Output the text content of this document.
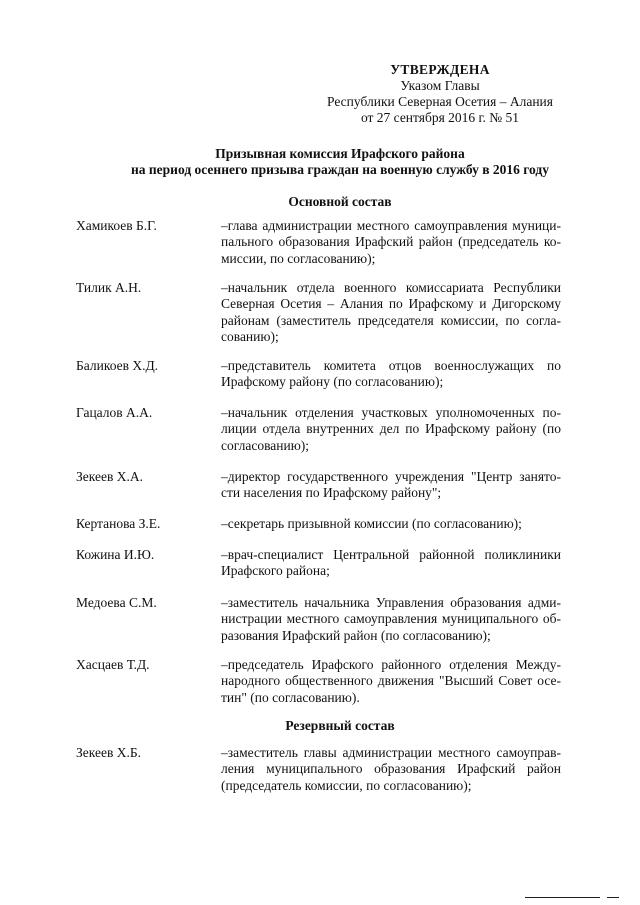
УТВЕРЖДЕНА
Указом Главы
Республики Северная Осетия – Алания
от 27 сентября 2016 г. № 51
Призывная комиссия Ирафского района
на период осеннего призыва граждан на военную службу в 2016 году
Основной состав
Хамикоев Б.Г.	–глава администрации местного самоуправления муници-
пального образования Ирафский район (председатель ко-
миссии, по согласованию);
Тилик А.Н.	–начальник отдела военного комиссариата Республики
Северная Осетия – Алания по Ирафскому и Дигорскому
районам (заместитель председателя комиссии, по согла-
сованию);
Баликоев Х.Д.	–представитель комитета отцов военнослужащих по
Ирафскому району (по согласованию);
Гацалов А.А.	–начальник отделения участковых уполномоченных по-
лиции отдела внутренних дел по Ирафскому району (по
согласованию);
Зекеев Х.А.	–директор государственного учреждения "Центр занято-
сти населения по Ирафскому району";
Кертанова З.Е.	–секретарь призывной комиссии (по согласованию);
Кожина И.Ю.	–врач-специалист Центральной районной поликлиники
Ирафского района;
Медоева С.М.	–заместитель начальника Управления образования адми-
нистрации местного самоуправления муниципального об-
разования Ирафский район (по согласованию);
Хасцаев Т.Д.	–председатель Ирафского районного отделения Между-
народного общественного движения "Высший Совет осе-
тин" (по согласованию).
Резервный состав
Зекеев Х.Б.	–заместитель главы администрации местного самоуправ-
ления муниципального образования Ирафский район
(председатель комиссии, по согласованию);
